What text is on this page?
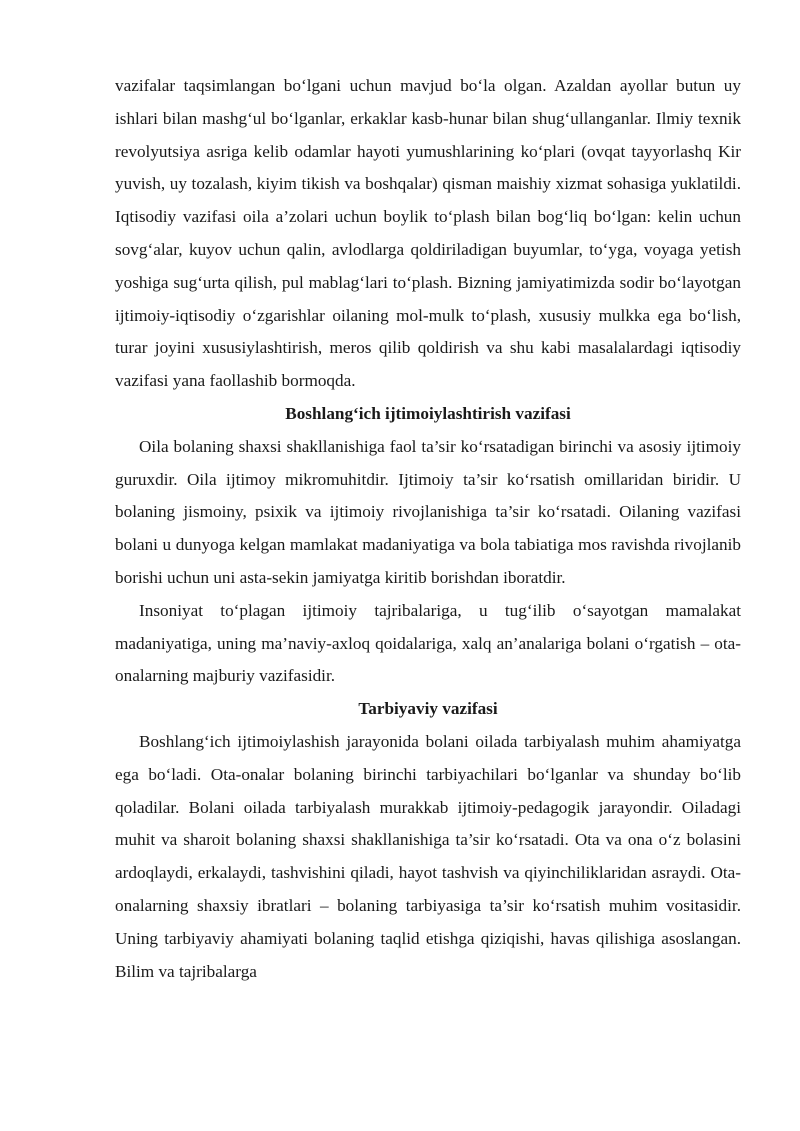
vazifalar taqsimlangan bo‘lgani uchun mavjud bo‘la olgan. Azaldan ayollar butun uy ishlari bilan mashg‘ul bo‘lganlar, erkaklar kasb-hunar bilan shug‘ullanganlar. Ilmiy texnik revolyutsiya asriga kelib odamlar hayoti yumushlarining ko‘plari (ovqat tayyorlashq Kir yuvish, uy tozalash, kiyim tikish va boshqalar) qisman maishiy xizmat sohasiga yuklatildi. Iqtisodiy vazifasi oila a’zolari uchun boylik to‘plash bilan bog‘liq bo‘lgan: kelin uchun sovg‘alar, kuyov uchun qalin, avlodlarga qoldiriladigan buyumlar, to‘yga, voyaga yetish yoshiga sug‘urta qilish, pul mablag‘lari to‘plash. Bizning jamiyatimizda sodir bo‘layotgan ijtimoiy-iqtisodiy o‘zgarishlar oilaning mol-mulk to‘plash, xususiy mulkka ega bo‘lish, turar joyini xususiylashtirish, meros qilib qoldirish va shu kabi masalalardagi iqtisodiy vazifasi yana faollashib bormoqda.

Boshlang‘ich ijtimoiylashtirish vazifasi

Oila bolaning shaxsi shakllanishiga faol ta’sir ko‘rsatadigan birinchi va asosiy ijtimoiy guruxdir. Oila ijtimoy mikromuhitdir. Ijtimoiy ta’sir ko‘rsatish omillaridan biridir. U bolaning jismoiny, psixik va ijtimoiy rivojlanishiga ta’sir ko‘rsatadi. Oilaning vazifasi bolani u dunyoga kelgan mamlakat madaniyatiga va bola tabiatiga mos ravishda rivojlanib borishi uchun uni asta-sekin jamiyatga kiritib borishdan iboratdir.

Insoniyat to‘plagan ijtimoiy tajribalariga, u tug‘ilib o‘sayotgan mamalakat madaniyatiga, uning ma’naviy-axloq qoidalariga, xalq an’analariga bolani o‘rgatish – ota-onalarning majburiy vazifasidir.

Tarbiyaviy vazifasi

Boshlang‘ich ijtimoiylashish jarayonida bolani oilada tarbiyalash muhim ahamiyatga ega bo‘ladi. Ota-onalar bolaning birinchi tarbiyachilari bo‘lganlar va shunday bo‘lib qoladilar. Bolani oilada tarbiyalash murakkab ijtimoiy-pedagogik jarayondir. Oiladagi muhit va sharoit bolaning shaxsi shakllanishiga ta’sir ko‘rsatadi. Ota va ona o‘z bolasini ardoqlaydi, erkalaydi, tashvishini qiladi, hayot tashvish va qiyinchiliklaridan asraydi. Ota-onalarning shaxsiy ibratlari – bolaning tarbiyasiga ta’sir ko‘rsatish muhim vositasidir. Uning tarbiyaviy ahamiyati bolaning taqlid etishga qiziqishi, havas qilishiga asoslangan. Bilim va tajribalarga
